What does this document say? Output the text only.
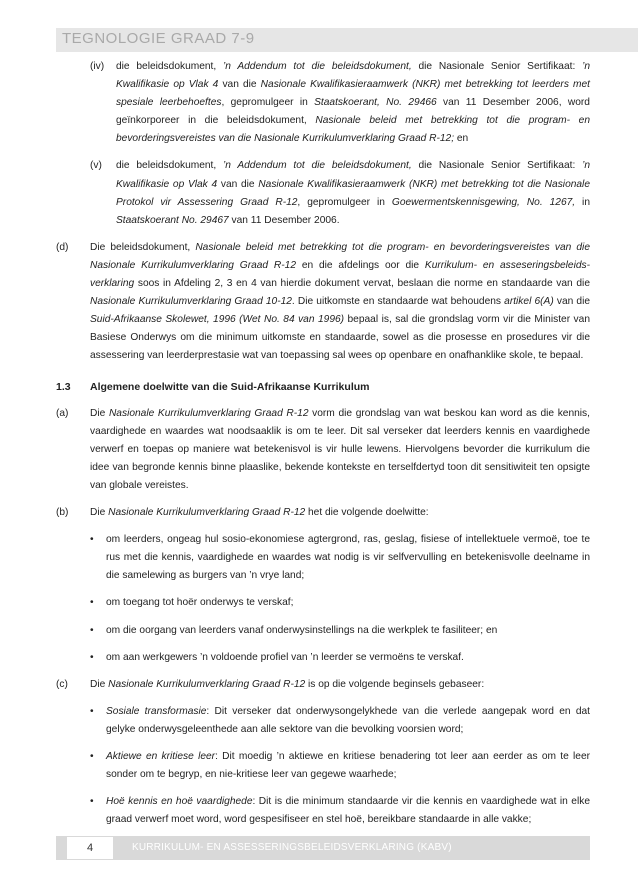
TEGNOLOGIE GRAAD 7-9
(iv)	die beleidsdokument, ’n Addendum tot die beleidsdokument, die Nasionale Senior Sertifikaat: ’n Kwalifikasie op Vlak 4 van die Nasionale Kwalifikasieraamwerk (NKR) met betrekking tot leerders met spesiale leerbehoeftes, gepromulgeer in Staatskoerant, No. 29466 van 11 Desember 2006, word geïnkorporeer in die beleidsdokument, Nasionale beleid met betrekking tot die program- en bevorderingsvereistes van die Nasionale Kurrikulumverklaring Graad R-12; en
(v)	die beleidsdokument, ’n Addendum tot die beleidsdokument, die Nasionale Senior Sertifikaat: ’n Kwalifikasie op Vlak 4 van die Nasionale Kwalifikasieraamwerk (NKR) met betrekking tot die Nasionale Protokol vir Assessering Graad R-12, gepromulgeer in Goewermentskennisgewing, No. 1267, in Staatskoerant No. 29467 van 11 Desember 2006.
(d)	Die beleidsdokument, Nasionale beleid met betrekking tot die program- en bevorderingsvereistes van die Nasionale Kurrikulumverklaring Graad R-12 en die afdelings oor die Kurrikulum- en asseseringsbeleids-verklaring soos in Afdeling 2, 3 en 4 van hierdie dokument vervat, beslaan die norme en standaarde van die Nasionale Kurrikulumverklaring Graad 10-12. Die uitkomste en standaarde wat behoudens artikel 6(A) van die Suid-Afrikaanse Skolewet, 1996 (Wet No. 84 van 1996) bepaal is, sal die grondslag vorm vir die Minister van Basiese Onderwys om die minimum uitkomste en standaarde, sowel as die prosesse en prosedures vir die assessering van leerderprestasie wat van toepassing sal wees op openbare en onafhanklike skole, te bepaal.
1.3	Algemene doelwitte van die Suid-Afrikaanse Kurrikulum
(a)	Die Nasionale Kurrikulumverklaring Graad R-12 vorm die grondslag van wat beskou kan word as die kennis, vaardighede en waardes wat noodsaaklik is om te leer. Dit sal verseker dat leerders kennis en vaardighede verwerf en toepas op maniere wat betekenisvol is vir hulle lewens. Hiervolgens bevorder die kurrikulum die idee van begronde kennis binne plaaslike, bekende kontekste en terselfdertyd toon dit sensitiwiteit ten opsigte van globale vereistes.
(b)	Die Nasionale Kurrikulumverklaring Graad R-12 het die volgende doelwitte:
•	om leerders, ongeag hul sosio-ekonomiese agtergrond, ras, geslag, fisiese of intellektuele vermoë, toe te rus met die kennis, vaardighede en waardes wat nodig is vir selfvervulling en betekenisvolle deelname in die samelewing as burgers van ’n vrye land;
•	om toegang tot hoër onderwys te verskaf;
•	om die oorgang van leerders vanaf onderwysinstellings na die werkplek te fasiliteer; en
•	om aan werkgewers ’n voldoende profiel van ’n leerder se vermoëns te verskaf.
(c)	Die Nasionale Kurrikulumverklaring Graad R-12 is op die volgende beginsels gebaseer:
•	Sosiale transformasie: Dit verseker dat onderwysongelykhede van die verlede aangepak word en dat gelyke onderwysgeleenthede aan alle sektore van die bevolking voorsien word;
•	Aktiewe en kritiese leer: Dit moedig ’n aktiewe en kritiese benadering tot leer aan eerder as om te leer sonder om te begryp, en nie-kritiese leer van gegewe waarhede;
•	Hoë kennis en hoë vaardighede: Dit is die minimum standaarde vir die kennis en vaardighede wat in elke graad verwerf moet word, word gespesifiseer en stel hoë, bereikbare standaarde in alle vakke;
4	KURRIKULUM- EN ASSESSERINGSBELEIDSVERKLARING (KABV)
